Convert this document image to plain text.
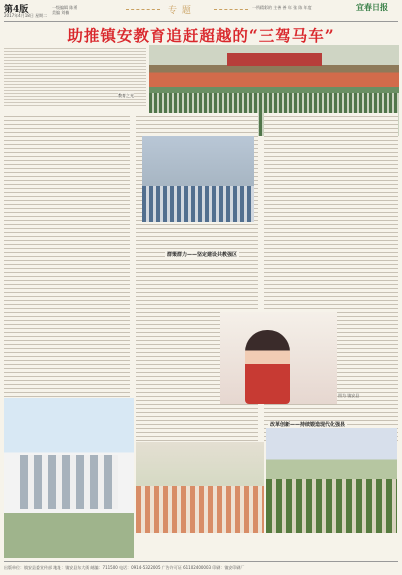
第4版
2017年4月18日 星期二
一级编辑 陈勇
美编 刘楠	专 题	一所精彩的 主善 善 年 张 陈 年度	宜春日报
助推镇安教育追赶超越的“三驾马车”
教育之光
群策群力——坚定建设共教强区
图为 镇安县
改革创新——持续锻造现代化强县
出版单位：镇安县委宣传部 地址：镇安县东大街 邮编：711500 电话：0914-5322005 广告许可证 61102400003 印刷：镇安印刷厂
